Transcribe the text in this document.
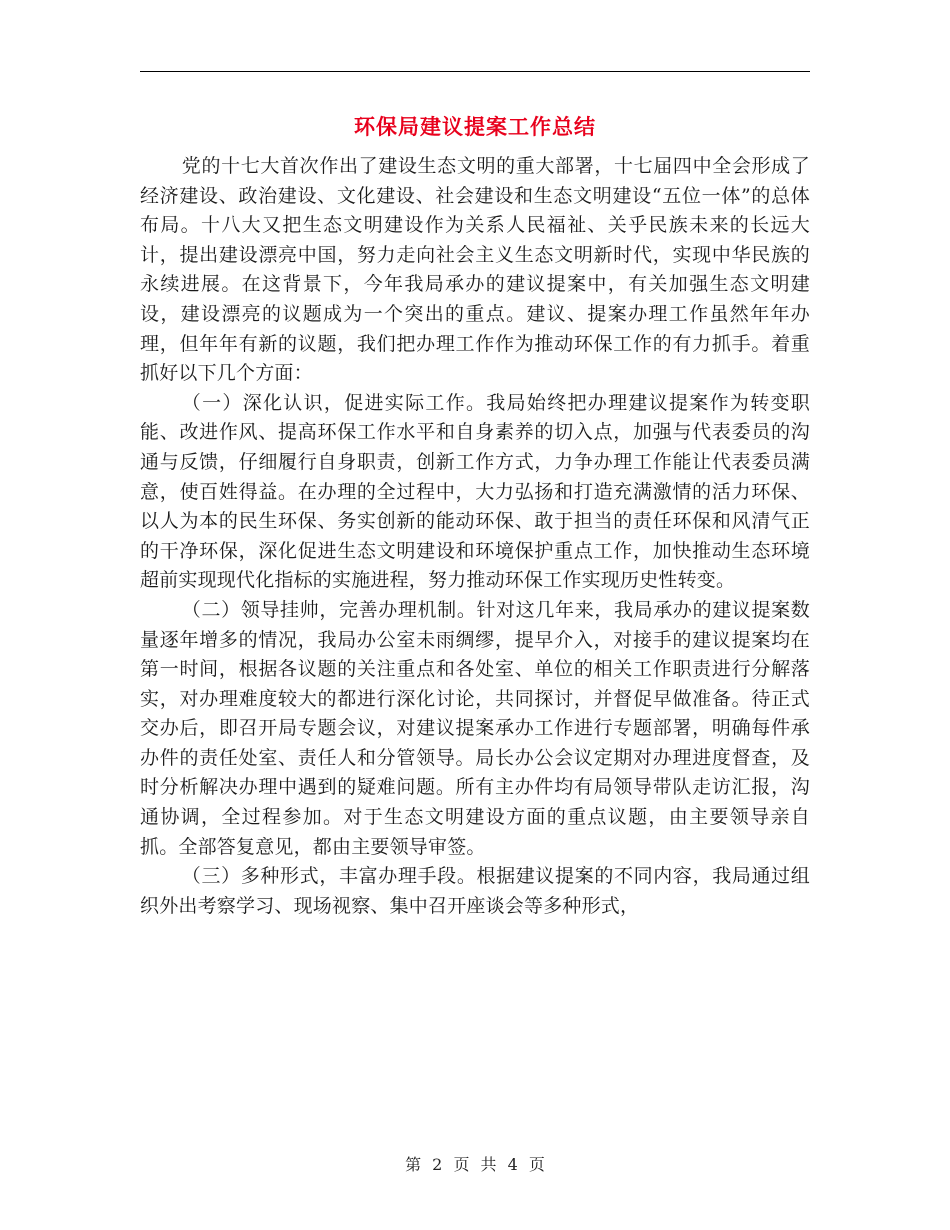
环保局建议提案工作总结

党的十七大首次作出了建设生态文明的重大部署，十七届四中全会形成了经济建设、政治建设、文化建设、社会建设和生态文明建设“五位一体”的总体布局。十八大又把生态文明建设作为关系人民福祉、关乎民族未来的长远大计，提出建设漂亮中国，努力走向社会主义生态文明新时代，实现中华民族的永续进展。在这背景下，今年我局承办的建议提案中，有关加强生态文明建设，建设漂亮的议题成为一个突出的重点。建议、提案办理工作虽然年年办理，但年年有新的议题，我们把办理工作作为推动环保工作的有力抓手。着重抓好以下几个方面：

（一）深化认识，促进实际工作。我局始终把办理建议提案作为转变职能、改进作风、提高环保工作水平和自身素养的切入点，加强与代表委员的沟通与反馈，仔细履行自身职责，创新工作方式，力争办理工作能让代表委员满意，使百姓得益。在办理的全过程中，大力弘扬和打造充满激情的活力环保、以人为本的民生环保、务实创新的能动环保、敢于担当的责任环保和风清气正的干净环保，深化促进生态文明建设和环境保护重点工作，加快推动生态环境超前实现现代化指标的实施进程，努力推动环保工作实现历史性转变。

（二）领导挂帅，完善办理机制。针对这几年来，我局承办的建议提案数量逐年增多的情况，我局办公室未雨绸缪，提早介入，对接手的建议提案均在第一时间，根据各议题的关注重点和各处室、单位的相关工作职责进行分解落实，对办理难度较大的都进行深化讨论，共同探讨，并督促早做准备。待正式交办后，即召开局专题会议，对建议提案承办工作进行专题部署，明确每件承办件的责任处室、责任人和分管领导。局长办公会议定期对办理进度督查，及时分析解决办理中遇到的疑难问题。所有主办件均有局领导带队走访汇报，沟通协调，全过程参加。对于生态文明建设方面的重点议题，由主要领导亲自抓。全部答复意见，都由主要领导审签。

（三）多种形式，丰富办理手段。根据建议提案的不同内容，我局通过组织外出考察学习、现场视察、集中召开座谈会等多种形式，

第 2 页 共 4 页
